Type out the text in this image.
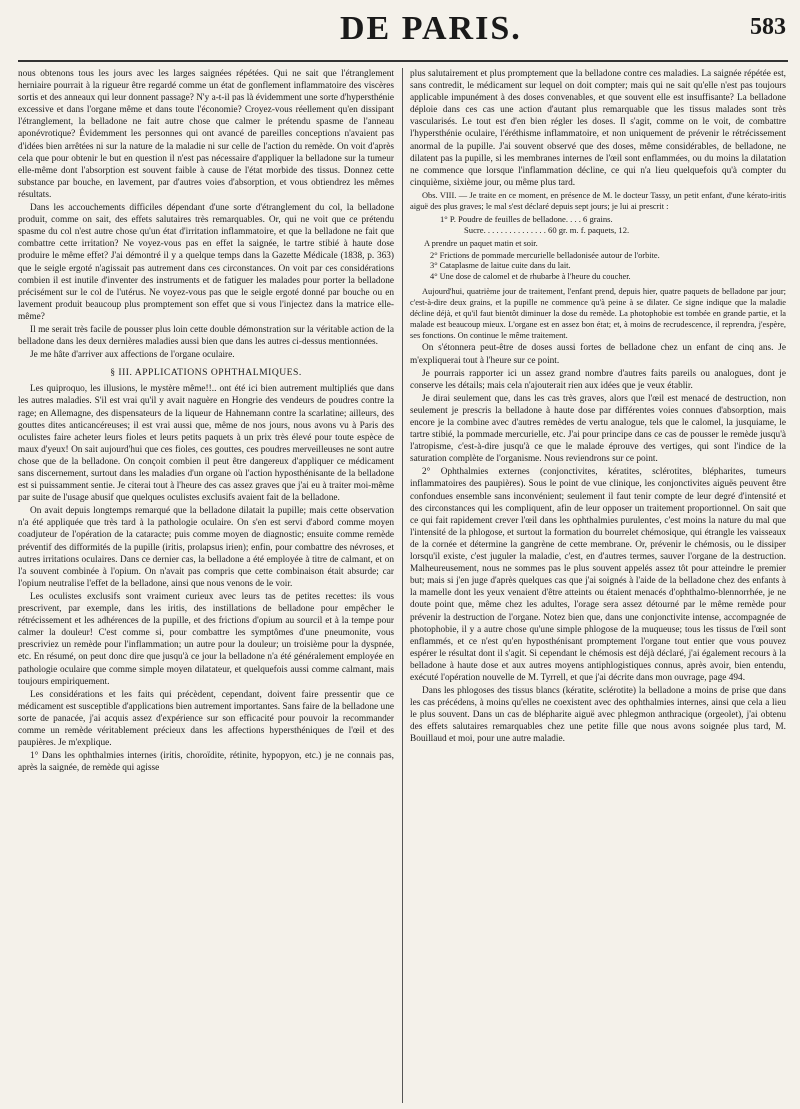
DE PARIS.	583

nous obtenons tous les jours avec les larges saignées répétées. Qui ne sait que l'étranglement herniaire pourrait à la rigueur être regardé comme un état de gonflement inflammatoire des viscères sortis et des anneaux qui leur donnent passage? N'y a-t-il pas là évidemment une sorte d'hypersthénie excessive et dans l'organe même et dans toute l'économie? Croyez-vous réellement qu'en dissipant l'étranglement, la belladone ne fait autre chose que calmer le prétendu spasme de l'anneau aponévrotique? Évidemment les personnes qui ont avancé de pareilles conceptions n'avaient pas d'idées bien arrêtées ni sur la nature de la maladie ni sur celle de l'action du remède. On voit d'après cela que pour obtenir le but en question il n'est pas nécessaire d'appliquer la belladone sur la tumeur elle-même dont l'absorption est souvent faible à cause de l'état morbide des tissus. Donnez cette substance par bouche, en lavement, par d'autres voies d'absorption, et vous obtiendrez les mêmes résultats.

Dans les accouchements difficiles dépendant d'une sorte d'étranglement du col, la belladone produit, comme on sait, des effets salutaires très remarquables. Or, qui ne voit que ce prétendu spasme du col n'est autre chose qu'un état d'irritation inflammatoire, et que la belladone ne fait que combattre cette irritation? Ne voyez-vous pas en effet la saignée, le tartre stibié à haute dose produire le même effet? J'ai démontré il y a quelque temps dans la Gazette Médicale (1838, p. 363) que le seigle ergoté n'agissait pas autrement dans ces circonstances. On voit par ces considérations combien il est inutile d'inventer des instruments et de fatiguer les malades pour porter la belladone précisément sur le col de l'utérus. Ne voyez-vous pas que le seigle ergoté donné par bouche ou en lavement produit beaucoup plus promptement son effet que si vous l'injectez dans la matrice elle-même?

Il me serait très facile de pousser plus loin cette double démonstration sur la véritable action de la belladone dans les deux dernières maladies aussi bien que dans les autres ci-dessus mentionnées.

Je me hâte d'arriver aux affections de l'organe oculaire.

§ III. APPLICATIONS OPHTHALMIQUES.

Les quiproquo, les illusions, le mystère même!!.. ont été ici bien autrement multipliés que dans les autres maladies. S'il est vrai qu'il y avait naguère en Hongrie des vendeurs de poudres contre la rage; en Allemagne, des dispensateurs de la liqueur de Hahnemann contre la scarlatine; ailleurs, des gouttes dites anticancéreuses; il est vrai aussi que, même de nos jours, nous avons vu à Paris des oculistes faire acheter leurs fioles et leurs petits paquets à un prix très élevé pour toute espèce de maux d'yeux! On sait aujourd'hui que ces fioles, ces gouttes, ces poudres merveilleuses ne sont autre chose que de la belladone. On conçoit combien il peut être dangereux d'appliquer ce médicament sans discernement, surtout dans les maladies d'un organe où l'action hyposthénisante de la belladone est si puissamment sentie. Je citerai tout à l'heure des cas assez graves que j'ai eu à traiter moi-même par suite de l'usage abusif que quelques oculistes exclusifs avaient fait de la belladone.

On avait depuis longtemps remarqué que la belladone dilatait la pupille; mais cette observation n'a été appliquée que très tard à la pathologie oculaire. On s'en est servi d'abord comme moyen coadjuteur de l'opération de la cataracte; puis comme moyen de diagnostic; ensuite comme remède préventif des difformités de la pupille (iritis, prolapsus irien); enfin, pour combattre des névroses, et autres irritations oculaires. Dans ce dernier cas, la belladone a été employée à titre de calmant, et on l'a souvent combinée à l'opium. On n'avait pas compris que cette combinaison était absurde; car l'opium neutralise l'effet de la belladone, ainsi que nous venons de le voir.

Les oculistes exclusifs sont vraiment curieux avec leurs tas de petites recettes: ils vous prescrivent, par exemple, dans les iritis, des instillations de belladone pour empêcher le rétrécissement et les adhérences de la pupille, et des frictions d'opium au sourcil et à la tempe pour calmer la douleur! C'est comme si, pour combattre les symptômes d'une pneumonite, vous prescriviez un remède pour l'inflammation; un autre pour la douleur; un troisième pour la dyspnée, etc. En résumé, on peut donc dire que jusqu'à ce jour la belladone n'a été généralement employée en pathologie oculaire que comme simple moyen dilatateur, et quelquefois aussi comme calmant, mais toujours empiriquement.

Les considérations et les faits qui précèdent, cependant, doivent faire pressentir que ce médicament est susceptible d'applications bien autrement importantes. Sans faire de la belladone une sorte de panacée, j'ai acquis assez d'expérience sur son efficacité pour pouvoir la recommander comme un remède véritablement précieux dans les affections hypersthéniques de l'œil et des paupières. Je m'explique.

1° Dans les ophthalmies internes (iritis, choroïdite, rétinite, hypopyon, etc.) je ne connais pas, après la saignée, de remède qui agisse

plus salutairement et plus promptement que la belladone contre ces maladies. La saignée répétée est, sans contredit, le médicament sur lequel on doit compter; mais qui ne sait qu'elle n'est pas toujours applicable impunément à des doses convenables, et que souvent elle est insuffisante? La belladone déploie dans ces cas une action d'autant plus remarquable que les tissus malades sont très vascularisés. Le tout est d'en bien régler les doses. Il s'agit, comme on le voit, de combattre l'hypersthénie oculaire, l'éréthisme inflammatoire, et non uniquement de prévenir le rétrécissement anormal de la pupille. J'ai souvent observé que des doses, même considérables, de belladone, ne dilatent pas la pupille, si les membranes internes de l'œil sont enflammées, ou du moins la dilatation ne commence que lorsque l'inflammation décline, ce qui n'a lieu quelquefois qu'à compter du cinquième, sixième jour, ou même plus tard.

Obs. VIII. — Je traite en ce moment, en présence de M. le docteur Tassy, un petit enfant, d'une kérato-iritis aiguë des plus graves; le mal s'est déclaré depuis sept jours; je lui ai prescrit :

1° P. Poudre de feuilles de belladone. . . . 6 grains.
Sucre. . . . . . . . . . . . . . . 60 gr. m. f. paquets, 12.
A prendre un paquet matin et soir.
2° Frictions de pommade mercurielle belladonisée autour de l'orbite.
3° Cataplasme de laitue cuite dans du lait.
4° Une dose de calomel et de rhubarbe à l'heure du coucher.

Aujourd'hui, quatrième jour de traitement, l'enfant prend, depuis hier, quatre paquets de belladone par jour; c'est-à-dire deux grains, et la pupille ne commence qu'à peine à se dilater. Ce signe indique que la maladie décline déjà, et qu'il faut bientôt diminuer la dose du remède. La photophobie est tombée en grande partie, et la malade est beaucoup mieux. L'organe est en assez bon état; et, à moins de recrudescence, il reprendra, j'espère, ses fonctions. On continue le même traitement.

On s'étonnera peut-être de doses aussi fortes de belladone chez un enfant de cinq ans. Je m'expliquerai tout à l'heure sur ce point.

Je pourrais rapporter ici un assez grand nombre d'autres faits pareils ou analogues, dont je conserve les détails; mais cela n'ajouterait rien aux idées que je veux établir.

Je dirai seulement que, dans les cas très graves, alors que l'œil est menacé de destruction, non seulement je prescris la belladone à haute dose par différentes voies connues d'absorption, mais encore je la combine avec d'autres remèdes de vertu analogue, tels que le calomel, la jusquiame, le tartre stibié, la pommade mercurielle, etc. J'ai pour principe dans ce cas de pousser le remède jusqu'à l'atropisme, c'est-à-dire jusqu'à ce que le malade éprouve des vertiges, qui sont l'indice de la saturation complète de l'organisme. Nous reviendrons sur ce point.

2° Ophthalmies externes (conjonctivites, kératites, sclérotites, blépharites, tumeurs inflammatoires des paupières). Sous le point de vue clinique, les conjonctivites aiguës peuvent être confondues ensemble sans inconvénient; seulement il faut tenir compte de leur degré d'intensité et des circonstances qui les compliquent, afin de leur opposer un traitement proportionnel. On sait que ce qui fait rapidement crever l'œil dans les ophthalmies purulentes, c'est moins la nature du mal que l'intensité de la phlogose, et surtout la formation du bourrelet chémosique, qui étrangle les vaisseaux de la cornée et détermine la gangrène de cette membrane. Or, prévenir le chémosis, ou le dissiper lorsqu'il existe, c'est juguler la maladie, c'est, en d'autres termes, sauver l'organe de la destruction. Malheureusement, nous ne sommes pas le plus souvent appelés assez tôt pour atteindre le premier but; mais si j'en juge d'après quelques cas que j'ai soignés à l'aide de la belladone chez des enfants à la mamelle dont les yeux venaient d'être atteints ou étaient menacés d'ophthalmo-blennorrhée, je ne doute point que, même chez les adultes, l'orage sera assez détourné par le même remède pour prévenir la destruction de l'organe. Notez bien que, dans une conjonctivite intense, accompagnée de photophobie, il y a autre chose qu'une simple phlogose de la muqueuse; tous les tissus de l'œil sont enflammés, et ce n'est qu'en hyposthénisant promptement l'organe tout entier que vous pouvez espérer le résultat dont il s'agit. Si cependant le chémosis est déjà déclaré, j'ai également recours à la belladone à haute dose et aux autres moyens antiphlogistiques connus, après avoir, bien entendu, exécuté l'opération nouvelle de M. Tyrrell, et que j'ai décrite dans mon ouvrage, page 494.

Dans les phlogoses des tissus blancs (kératite, sclérotite) la belladone a moins de prise que dans les cas précédens, à moins qu'elles ne coexistent avec des ophthalmies internes, ainsi que cela a lieu le plus souvent. Dans un cas de blépharite aiguë avec phlegmon anthracique (orgeolet), j'ai obtenu des effets salutaires remarquables chez une petite fille que nous avons soignée plus tard, M. Bouillaud et moi, pour une autre maladie.
